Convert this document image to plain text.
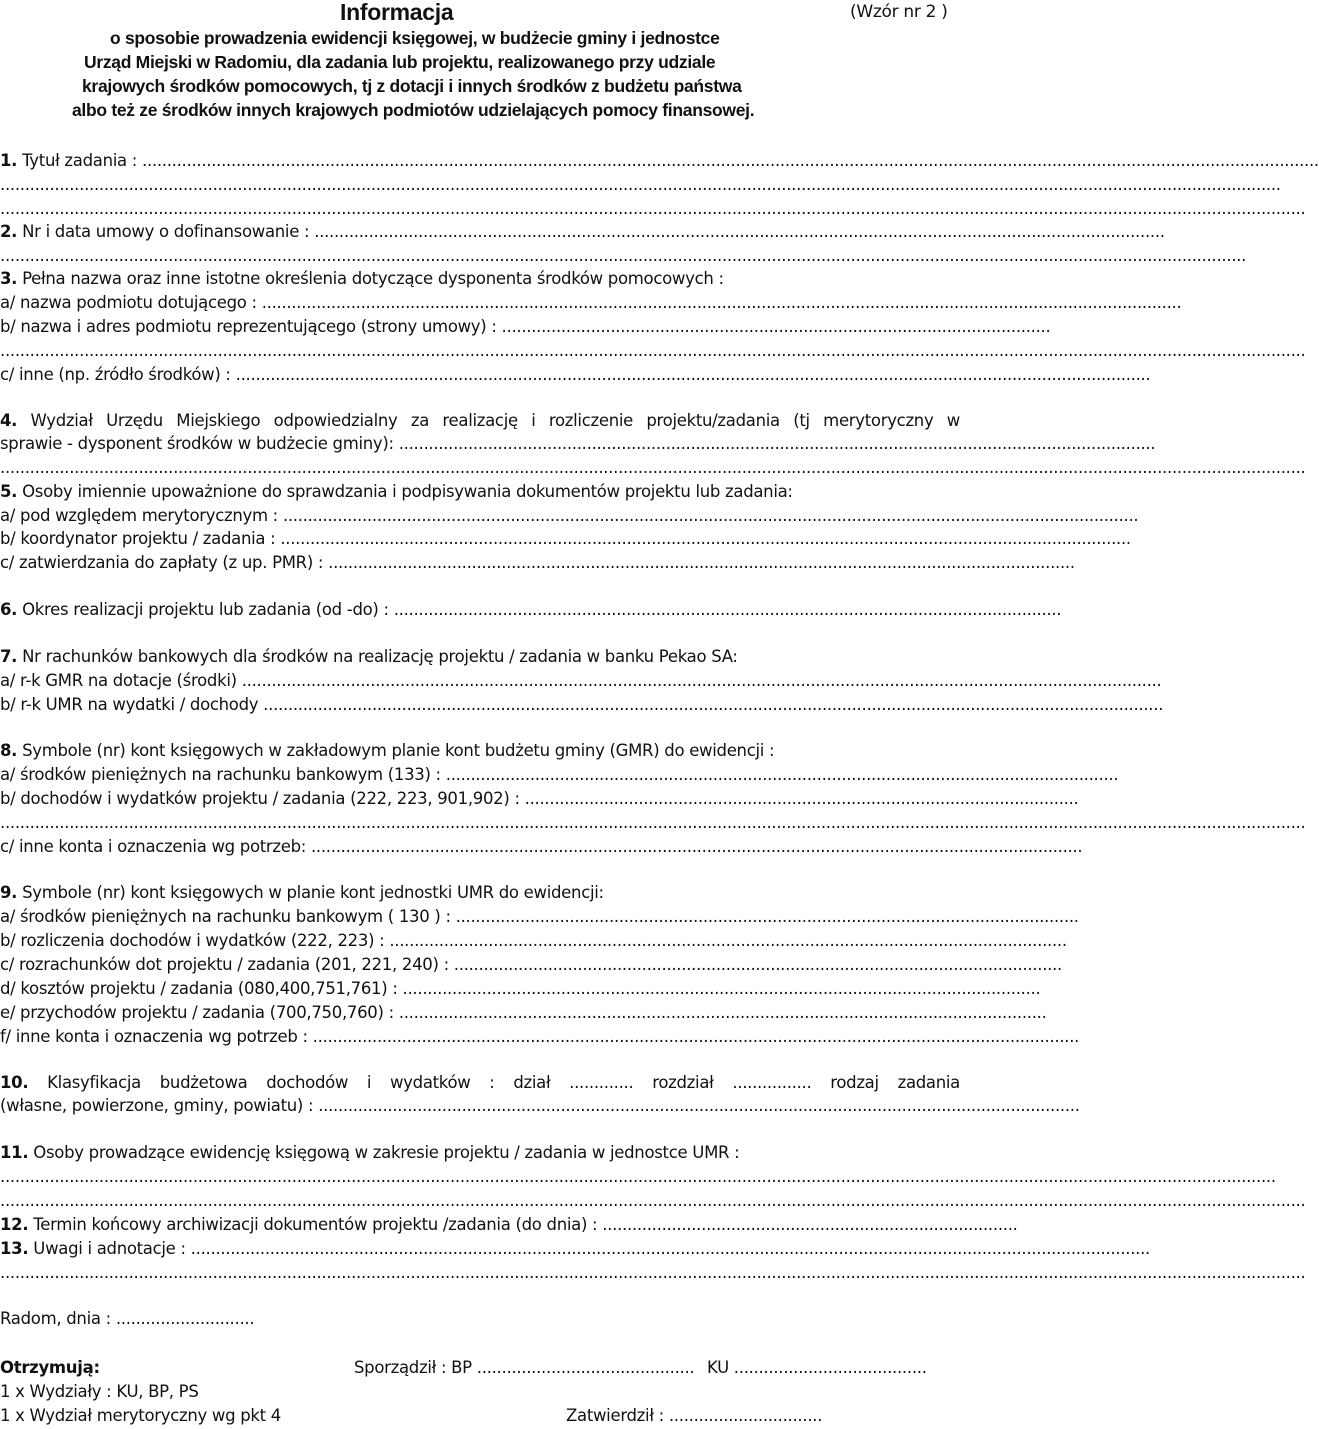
Informacja	(Wzór nr 2 )
o sposobie prowadzenia ewidencji księgowej, w budżecie gminy i jednostce
Urząd Miejski w Radomiu, dla zadania lub projektu, realizowanego przy udziale
krajowych środków pomocowych, tj z dotacji i innych środków z budżetu państwa
albo też ze środków innych krajowych podmiotów udzielających pomocy finansowej.
1. Tytuł zadania : ..............................................................................................................................................................................................................................................
...................................................................................................................................................................................................................................................................
........................................................................................................................................................................................................................................................................
2. Nr i data umowy o dofinansowanie : ............................................................................................................................................................................
............................................................................................................................................................................................................................................................
3. Pełna nazwa oraz inne istotne określenia dotyczące dysponenta środków pomocowych :
a/ nazwa podmiotu dotującego : ..........................................................................................................................................................................................
b/ nazwa i adres podmiotu reprezentującego (strony umowy) : ...............................................................................................................
........................................................................................................................................................................................................................................................................
c/ inne (np. źródło środków) : .........................................................................................................................................................................................
4. Wydział Urzędu Miejskiego odpowiedzialny za realizację i rozliczenie projektu/zadania (tj merytoryczny w
sprawie - dysponent środków w budżecie gminy): .........................................................................................................................................................
........................................................................................................................................................................................................................................................................
5. Osoby imiennie upoważnione do sprawdzania i podpisywania dokumentów projektu lub zadania:
a/ pod względem merytorycznym : .............................................................................................................................................................................
b/ koordynator projektu / zadania : ............................................................................................................................................................................
c/ zatwierdzania do zapłaty (z up. PMR) : .......................................................................................................................................................
6. Okres realizacji projektu lub zadania (od -do) : .......................................................................................................................................
7. Nr rachunków bankowych dla środków na realizację projektu / zadania w banku Pekao SA:
a/ r-k GMR na dotacje (środki) ..........................................................................................................................................................................................
b/ r-k UMR na wydatki / dochody ......................................................................................................................................................................................
8. Symbole (nr) kont księgowych w zakładowym planie kont budżetu gminy (GMR) do ewidencji :
a/ środków pieniężnych na rachunku bankowym (133) : ........................................................................................................................................
b/ dochodów i wydatków projektu / zadania (222, 223, 901,902) : ................................................................................................................
........................................................................................................................................................................................................................................................................
c/ inne konta i oznaczenia wg potrzeb: ............................................................................................................................................................
9. Symbole (nr) kont księgowych w planie kont jednostki UMR do ewidencji:
a/ środków pieniężnych na rachunku bankowym ( 130 ) : ..............................................................................................................................
b/ rozliczenia dochodów i wydatków (222, 223) : .........................................................................................................................................
c/ rozrachunków dot projektu / zadania (201, 221, 240) : ...........................................................................................................................
d/ kosztów projektu / zadania (080,400,751,761) : .................................................................................................................................
e/ przychodów projektu / zadania (700,750,760) : ...................................................................................................................................
f/ inne konta i oznaczenia wg potrzeb : ...........................................................................................................................................................
10. Klasyfikacja budżetowa dochodów i wydatków : dział ............. rozdział ................ rodzaj zadania
(własne, powierzone, gminy, powiatu) : ..........................................................................................................................................................
11. Osoby prowadzące ewidencję księgową w zakresie projektu / zadania w jednostce UMR :
..................................................................................................................................................................................................................................................................
........................................................................................................................................................................................................................................................................
12. Termin końcowy archiwizacji dokumentów projektu /zadania (do dnia) : ....................................................................................
13. Uwagi i adnotacje : ..................................................................................................................................................................................................
........................................................................................................................................................................................................................................................................
Radom, dnia : ............................
Otrzymują:	Sporządził : BP ............................................ KU .......................................
1 x Wydziały : KU, BP, PS
1 x Wydział merytoryczny wg pkt 4	Zatwierdził : ...............................
